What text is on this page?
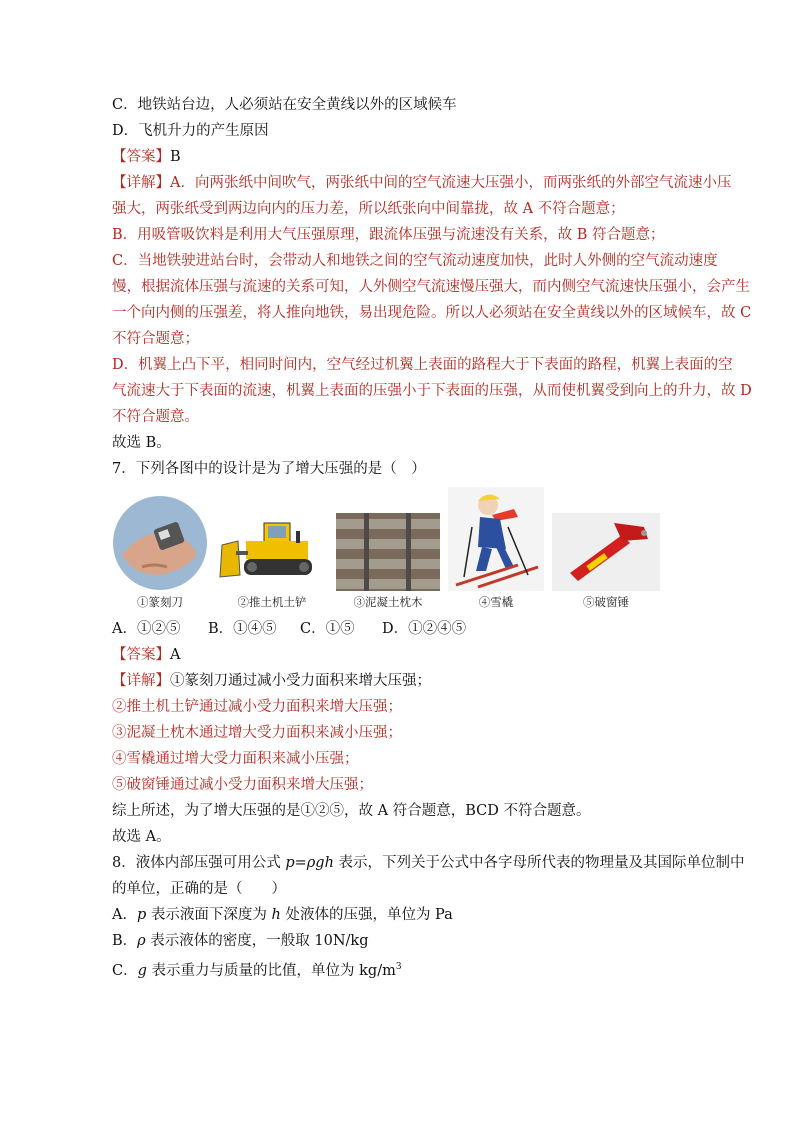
C．地铁站台边，人必须站在安全黄线以外的区域候车
D．飞机升力的产生原因
【答案】B
【详解】A．向两张纸中间吹气，两张纸中间的空气流速大压强小，而两张纸的外部空气流速小压
强大，两张纸受到两边向内的压力差，所以纸张向中间靠拢，故 A 不符合题意；
B．用吸管吸饮料是利用大气压强原理，跟流体压强与流速没有关系，故 B 符合题意；
C．当地铁驶进站台时，会带动人和地铁之间的空气流动速度加快，此时人外侧的空气流动速度
慢，根据流体压强与流速的关系可知，人外侧空气流速慢压强大，而内侧空气流速快压强小，会产生
一个向内侧的压强差，将人推向地铁，易出现危险。所以人必须站在安全黄线以外的区域候车，故 C
不符合题意；
D．机翼上凸下平，相同时间内，空气经过机翼上表面的路程大于下表面的路程，机翼上表面的空
气流速大于下表面的流速，机翼上表面的压强小于下表面的压强，从而使机翼受到向上的升力，故 D
不符合题意。
故选 B。
7．下列各图中的设计是为了增大压强的是（　）
①篆刻刀	②推土机土铲	③泥凝土枕木	④雪橇	⑤破窗锤
A．①②⑤ B．①④⑤ C．①⑤ D．①②④⑤
【答案】A
【详解】①篆刻刀通过减小受力面积来增大压强；
②推土机土铲通过减小受力面积来增大压强；
③泥凝土枕木通过增大受力面积来减小压强；
④雪橇通过增大受力面积来减小压强；
⑤破窗锤通过减小受力面积来增大压强；
综上所述，为了增大压强的是①②⑤，故 A 符合题意，BCD 不符合题意。
故选 A。
8．液体内部压强可用公式 p=ρgh 表示，下列关于公式中各字母所代表的物理量及其国际单位制中
的单位，正确的是（　　）
A．p 表示液面下深度为 h 处液体的压强，单位为 Pa
B．ρ 表示液体的密度，一般取 10N/kg
C．g 表示重力与质量的比值，单位为 $kg/m^3$
